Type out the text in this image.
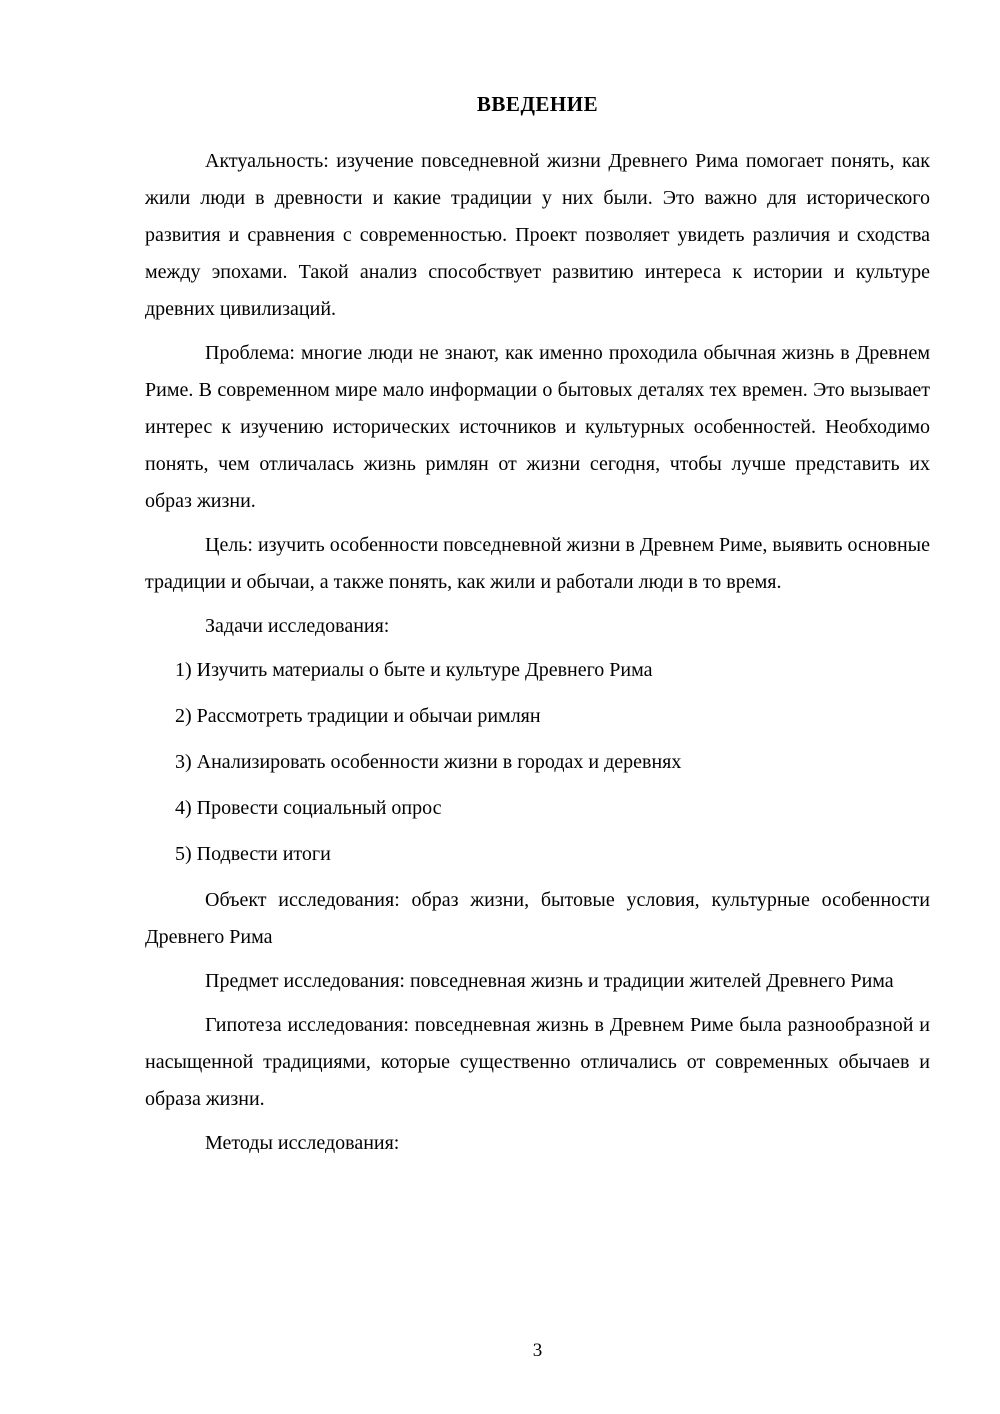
ВВЕДЕНИЕ

Актуальность: изучение повседневной жизни Древнего Рима помогает понять, как жили люди в древности и какие традиции у них были. Это важно для исторического развития и сравнения с современностью. Проект позволяет увидеть различия и сходства между эпохами. Такой анализ способствует развитию интереса к истории и культуре древних цивилизаций.

Проблема: многие люди не знают, как именно проходила обычная жизнь в Древнем Риме. В современном мире мало информации о бытовых деталях тех времен. Это вызывает интерес к изучению исторических источников и культурных особенностей. Необходимо понять, чем отличалась жизнь римлян от жизни сегодня, чтобы лучше представить их образ жизни.

Цель: изучить особенности повседневной жизни в Древнем Риме, выявить основные традиции и обычаи, а также понять, как жили и работали люди в то время.

Задачи исследования:

1) Изучить материалы о быте и культуре Древнего Рима

2) Рассмотреть традиции и обычаи римлян

3) Анализировать особенности жизни в городах и деревнях

4) Провести социальный опрос

5) Подвести итоги

Объект исследования: образ жизни, бытовые условия, культурные особенности Древнего Рима

Предмет исследования: повседневная жизнь и традиции жителей Древнего Рима

Гипотеза исследования: повседневная жизнь в Древнем Риме была разнообразной и насыщенной традициями, которые существенно отличались от современных обычаев и образа жизни.

Методы исследования:

3
